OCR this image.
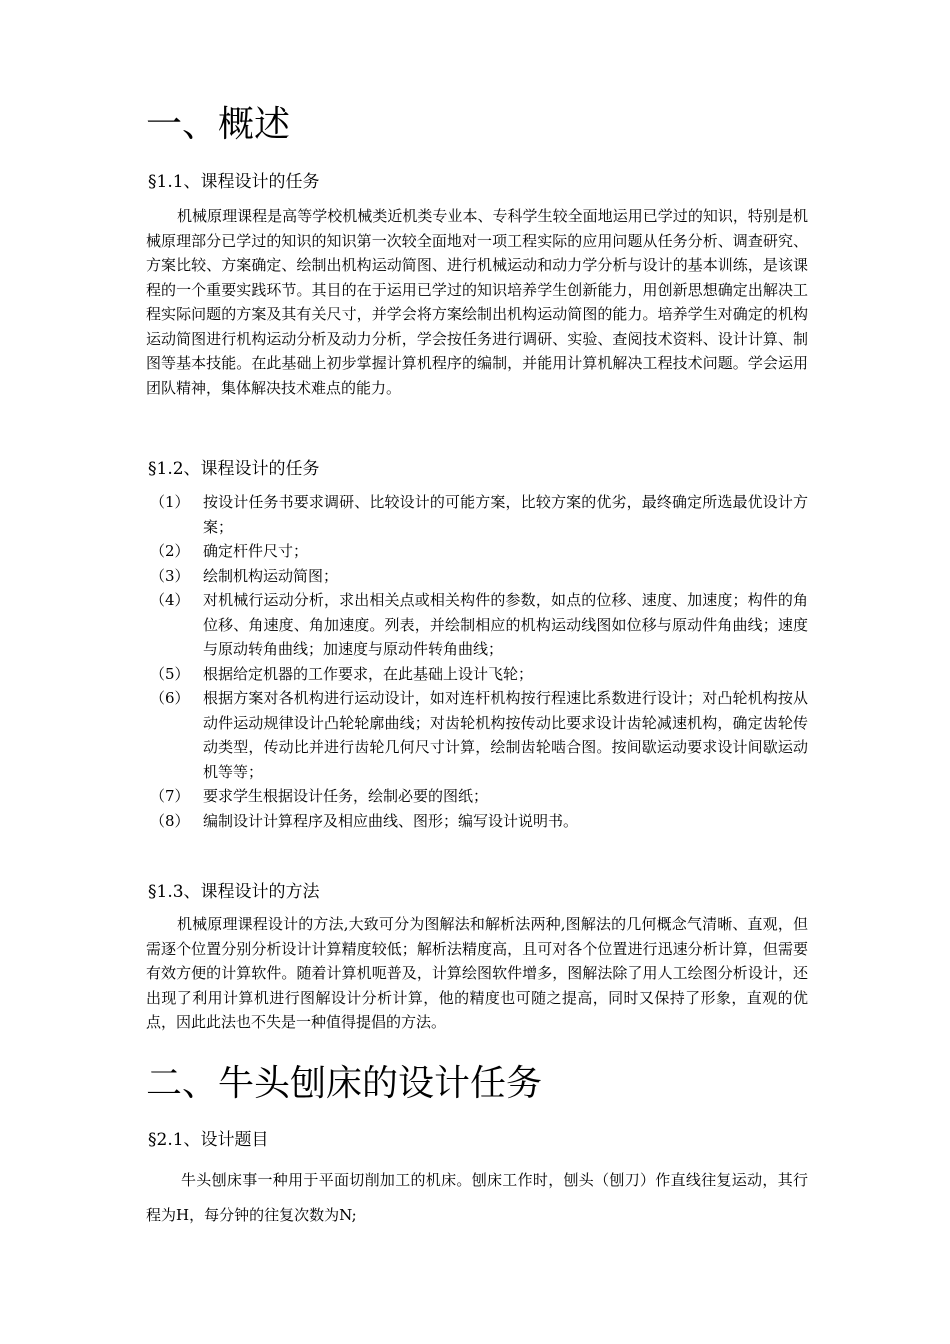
一、概述
§1.1、课程设计的任务

机械原理课程是高等学校机械类近机类专业本、专科学生较全面地运用已学过的知识，特别是机械原理部分已学过的知识的知识第一次较全面地对一项工程实际的应用问题从任务分析、调查研究、方案比较、方案确定、绘制出机构运动简图、进行机械运动和动力学分析与设计的基本训练，是该课程的一个重要实践环节。其目的在于运用已学过的知识培养学生创新能力，用创新思想确定出解决工程实际问题的方案及其有关尺寸，并学会将方案绘制出机构运动简图的能力。培养学生对确定的机构运动简图进行机构运动分析及动力分析，学会按任务进行调研、实验、查阅技术资料、设计计算、制图等基本技能。在此基础上初步掌握计算机程序的编制，并能用计算机解决工程技术问题。学会运用团队精神，集体解决技术难点的能力。

§1.2、课程设计的任务
（1） 按设计任务书要求调研、比较设计的可能方案，比较方案的优劣，最终确定所选最优设计方案；
（2） 确定杆件尺寸；
（3） 绘制机构运动简图；
（4） 对机械行运动分析，求出相关点或相关构件的参数，如点的位移、速度、加速度；构件的角位移、角速度、角加速度。列表，并绘制相应的机构运动线图如位移与原动件角曲线；速度与原动转角曲线；加速度与原动件转角曲线；
（5） 根据给定机器的工作要求，在此基础上设计飞轮；
（6） 根据方案对各机构进行运动设计，如对连杆机构按行程速比系数进行设计；对凸轮机构按从动件运动规律设计凸轮轮廓曲线；对齿轮机构按传动比要求设计齿轮减速机构，确定齿轮传动类型，传动比并进行齿轮几何尺寸计算，绘制齿轮啮合图。按间歇运动要求设计间歇运动机等等；
（7） 要求学生根据设计任务，绘制必要的图纸；
（8） 编制设计计算程序及相应曲线、图形；编写设计说明书。
§1.3、课程设计的方法

机械原理课程设计的方法,大致可分为图解法和解析法两种,图解法的几何概念气清晰、直观，但需逐个位置分别分析设计计算精度较低；解析法精度高，且可对各个位置进行迅速分析计算，但需要有效方便的计算软件。随着计算机呃普及，计算绘图软件增多，图解法除了用人工绘图分析设计，还出现了利用计算机进行图解设计分析计算，他的精度也可随之提高，同时又保持了形象，直观的优点，因此此法也不失是一种值得提倡的方法。

二、牛头刨床的设计任务
§2.1、设计题目

牛头刨床事一种用于平面切削加工的机床。刨床工作时，刨头（刨刀）作直线往复运动，其行程为H，每分钟的往复次数为N;
